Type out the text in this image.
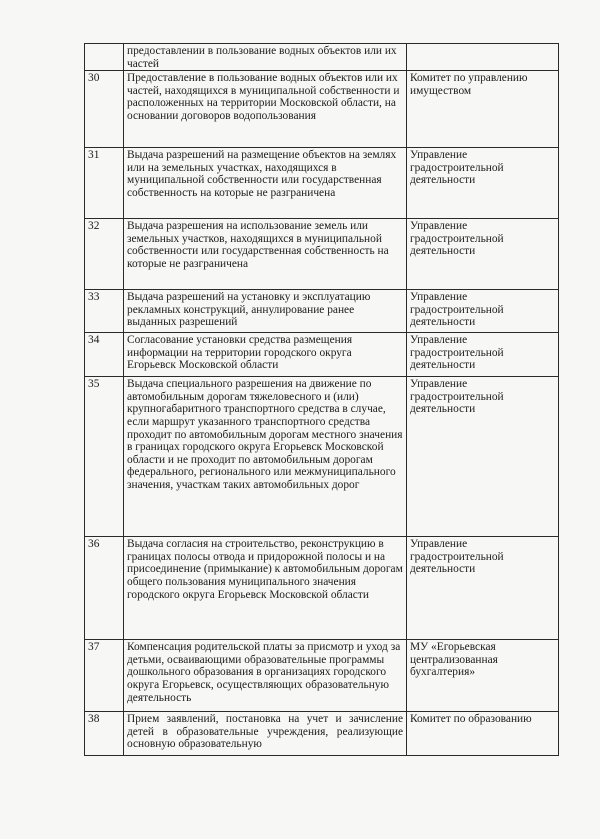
	предоставлении в пользование водных объектов или их частей	
30	Предоставление в пользование водных объектов или их частей, находящихся в муниципальной собственности и расположенных на территории Московской области, на основании договоров водопользования	Комитет по управлению имуществом
31	Выдача разрешений на размещение объектов на землях или на земельных участках, находящихся в муниципальной собственности или государственная собственность на которые не разграничена	Управление градостроительной деятельности
32	Выдача разрешения на использование земель или земельных участков, находящихся в муниципальной собственности или государственная собственность на которые не разграничена	Управление градостроительной деятельности
33	Выдача разрешений на установку и эксплуатацию рекламных конструкций, аннулирование ранее выданных разрешений	Управление градостроительной деятельности
34	Согласование установки средства размещения информации на территории городского округа Егорьевск Московской области	Управление градостроительной деятельности
35	Выдача специального разрешения на движение по автомобильным дорогам тяжеловесного и (или) крупногабаритного транспортного средства в случае, если маршрут указанного транспортного средства проходит по автомобильным дорогам местного значения в границах городского округа Егорьевск Московской области и не проходит по автомобильным дорогам федерального, регионального или межмуниципального значения, участкам таких автомобильных дорог	Управление градостроительной деятельности
36	Выдача согласия на строительство, реконструкцию в границах полосы отвода и придорожной полосы и на присоединение (примыкание) к автомобильным дорогам общего пользования муниципального значения городского округа Егорьевск Московской области	Управление градостроительной деятельности
37	Компенсация родительской платы за присмотр и уход за детьми, осваивающими образовательные программы дошкольного образования в организациях городского округа Егорьевск, осуществляющих образовательную деятельность	МУ «Егорьевская централизованная бухгалтерия»
38	Прием заявлений, постановка на учет и зачисление детей в образовательные учреждения, реализующие основную образовательную	Комитет по образованию
